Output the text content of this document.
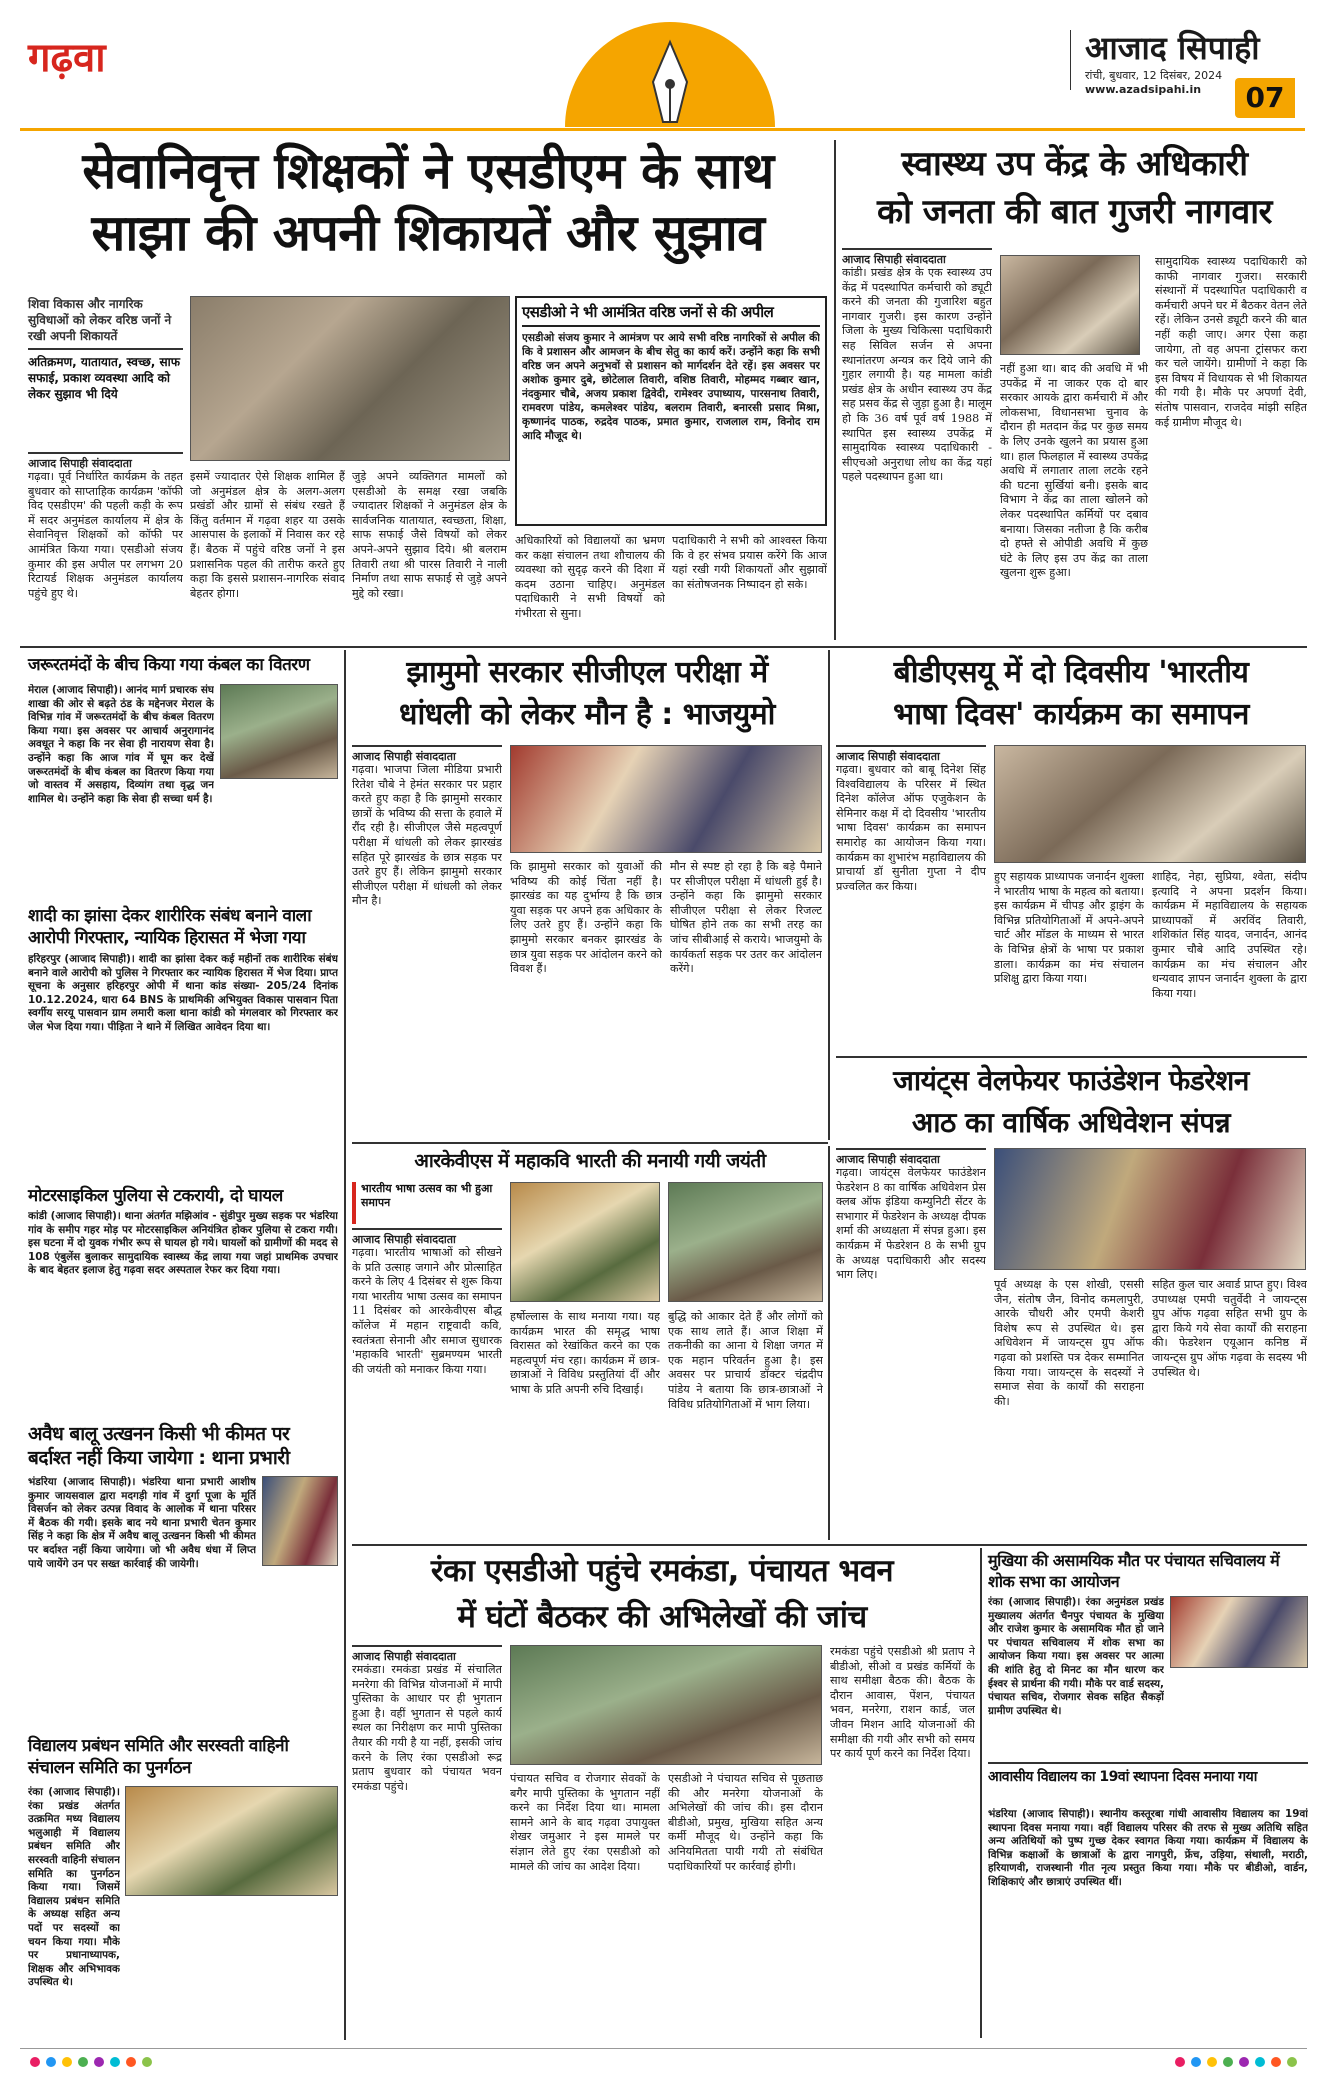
गढ़वा	आजाद सिपाही
रांची, बुधवार, 12 दिसंबर, 2024
www.azadsipahi.in	07
सेवानिवृत्त शिक्षकों ने एसडीएम के साथ
साझा की अपनी शिकायतें और सुझाव
शिवा विकास और नागरिक सुविधाओं को लेकर वरिष्ठ जनों ने रखी अपनी शिकायतें
अतिक्रमण, यातायात, स्वच्छ, साफ सफाई, प्रकाश व्यवस्था आदि को लेकर सुझाव भी दिये
एसडीओ ने भी आमंत्रित वरिष्ठ जनों से की अपील
एसडीओ संजय कुमार ने आमंत्रण पर आये सभी वरिष्ठ नागरिकों से अपील की कि वे प्रशासन और आमजन के बीच सेतु का कार्य करें। उन्होंने कहा कि सभी वरिष्ठ जन अपने अनुभवों से प्रशासन को मार्गदर्शन देते रहें। इस अवसर पर अशोक कुमार दुबे, छोटेलाल तिवारी, वशिष्ठ तिवारी, मोहम्मद गब्बार खान, नंदकुमार चौबे, अजय प्रकाश द्विवेदी, रामेश्वर उपाध्याय, पारसनाथ तिवारी, रामवरण पांडेय, कमलेश्वर पांडेय, बलराम तिवारी, बनारसी प्रसाद मिश्रा, कृष्णानंद पाठक, रुद्रदेव पाठक, प्रमात कुमार, राजलाल राम, विनोद राम आदि मौजूद थे।
आजाद सिपाही संवाददाता
गढ़वा। पूर्व निर्धारित कार्यक्रम के तहत बुधवार को साप्ताहिक कार्यक्रम 'कॉफी विद एसडीएम' की पहली कड़ी के रूप में सदर अनुमंडल कार्यालय में क्षेत्र के सेवानिवृत्त शिक्षकों को कॉफी पर आमंत्रित किया गया। एसडीओ संजय कुमार की इस अपील पर लगभग 20 रिटायर्ड शिक्षक अनुमंडल कार्यालय पहुंचे हुए थे।
इसमें ज्यादातर ऐसे शिक्षक शामिल हैं जो अनुमंडल क्षेत्र के अलग-अलग प्रखंडों और ग्रामों से संबंध रखते हैं किंतु वर्तमान में गढ़वा शहर या उसके आसपास के इलाकों में निवास कर रहे हैं। बैठक में पहुंचे वरिष्ठ जनों ने इस प्रशासनिक पहल की तारीफ करते हुए कहा कि इससे प्रशासन-नागरिक संवाद बेहतर होगा।
जुड़े अपने व्यक्तिगत मामलों को एसडीओ के समक्ष रखा जबकि ज्यादातर शिक्षकों ने अनुमंडल क्षेत्र के सार्वजनिक यातायात, स्वच्छता, शिक्षा, साफ सफाई जैसे विषयों को लेकर अपने-अपने सुझाव दिये। श्री बलराम तिवारी तथा श्री पारस तिवारी ने नाली निर्माण तथा साफ सफाई से जुड़े अपने मुद्दे को रखा।
अधिकारियों को विद्यालयों का भ्रमण कर कक्षा संचालन तथा शौचालय की व्यवस्था को सुदृढ़ करने की दिशा में कदम उठाना चाहिए। अनुमंडल पदाधिकारी ने सभी विषयों को गंभीरता से सुना।
पदाधिकारी ने सभी को आश्वस्त किया कि वे हर संभव प्रयास करेंगे कि आज यहां रखी गयी शिकायतों और सुझावों का संतोषजनक निष्पादन हो सके।
स्वास्थ्य उप केंद्र के अधिकारी
को जनता की बात गुजरी नागवार
आजाद सिपाही संवाददाता
कांडी। प्रखंड क्षेत्र के एक स्वास्थ्य उप केंद्र में पदस्थापित कर्मचारी को ड्यूटी करने की जनता की गुजारिश बहुत नागवार गुजरी। इस कारण उन्होंने जिला के मुख्य चिकित्सा पदाधिकारी सह सिविल सर्जन से अपना स्थानांतरण अन्यत्र कर दिये जाने की गुहार लगायी है। यह मामला कांडी प्रखंड क्षेत्र के अधीन स्वास्थ्य उप केंद्र सह प्रसव केंद्र से जुड़ा हुआ है। मालूम हो कि 36 वर्ष पूर्व वर्ष 1988 में स्थापित इस स्वास्थ्य उपकेंद्र में सामुदायिक स्वास्थ्य पदाधिकारी - सीएचओ अनुराधा लोध का केंद्र यहां पहले पदस्थापन हुआ था।
नहीं हुआ था। बाद की अवधि में भी उपकेंद्र में ना जाकर एक दो बार सरकार आयके द्वारा कर्मचारी में और लोकसभा, विधानसभा चुनाव के दौरान ही मतदान केंद्र पर कुछ समय के लिए उनके खुलने का प्रयास हुआ था। हाल फिलहाल में स्वास्थ्य उपकेंद्र अवधि में लगातार ताला लटके रहने की घटना सुर्खियां बनी। इसके बाद विभाग ने केंद्र का ताला खोलने को लेकर पदस्थापित कर्मियों पर दबाव बनाया। जिसका नतीजा है कि करीब दो हफ्ते से ओपीडी अवधि में कुछ घंटे के लिए इस उप केंद्र का ताला खुलना शुरू हुआ।
सामुदायिक स्वास्थ्य पदाधिकारी को काफी नागवार गुजरा। सरकारी संस्थानों में पदस्थापित पदाधिकारी व कर्मचारी अपने घर में बैठकर वेतन लेते रहें। लेकिन उनसे ड्यूटी करने की बात नहीं कही जाए। अगर ऐसा कहा जायेगा, तो वह अपना ट्रांसफर करा कर चले जायेंगे। ग्रामीणों ने कहा कि इस विषय में विधायक से भी शिकायत की गयी है। मौके पर अपर्णा देवी, संतोष पासवान, राजदेव मांझी सहित कई ग्रामीण मौजूद थे।
जरूरतमंदों के बीच किया गया कंबल का वितरण
मेराल (आजाद सिपाही)। आनंद मार्ग प्रचारक संघ शाखा की ओर से बढ़ते ठंड के मद्देनजर मेराल के विभिन्न गांव में जरूरतमंदों के बीच कंबल वितरण किया गया। इस अवसर पर आचार्य अनुरागानंद अवधूत ने कहा कि नर सेवा ही नारायण सेवा है। उन्होंने कहा कि आज गांव में घूम कर देखें जरूरतमंदों के बीच कंबल का वितरण किया गया जो वास्तव में असहाय, दिव्यांग तथा वृद्ध जन शामिल थे। उन्होंने कहा कि सेवा ही सच्चा धर्म है।
शादी का झांसा देकर शारीरिक संबंध बनाने वाला आरोपी गिरफ्तार, न्यायिक हिरासत में भेजा गया
हरिहरपुर (आजाद सिपाही)। शादी का झांसा देकर कई महीनों तक शारीरिक संबंध बनाने वाले आरोपी को पुलिस ने गिरफ्तार कर न्यायिक हिरासत में भेज दिया। प्राप्त सूचना के अनुसार हरिहरपुर ओपी में थाना कांड संख्या- 205/24 दिनांक 10.12.2024, धारा 64 BNS के प्राथमिकी अभियुक्त विकास पासवान पिता स्वर्गीय सरयू पासवान ग्राम लमारी कला थाना कांडी को मंगलवार को गिरफ्तार कर जेल भेज दिया गया। पीड़िता ने थाने में लिखित आवेदन दिया था।
मोटरसाइकिल पुलिया से टकरायी, दो घायल
कांडी (आजाद सिपाही)। थाना अंतर्गत मझिआंव - सुंडीपुर मुख्य सड़क पर भंडरिया गांव के समीप गहर मोड़ पर मोटरसाइकिल अनियंत्रित होकर पुलिया से टकरा गयी। इस घटना में दो युवक गंभीर रूप से घायल हो गये। घायलों को ग्रामीणों की मदद से 108 एंबुलेंस बुलाकर सामुदायिक स्वास्थ्य केंद्र लाया गया जहां प्राथमिक उपचार के बाद बेहतर इलाज हेतु गढ़वा सदर अस्पताल रेफर कर दिया गया।
अवैध बालू उत्खनन किसी भी कीमत पर बर्दाश्त नहीं किया जायेगा : थाना प्रभारी
भंडरिया (आजाद सिपाही)। भंडरिया थाना प्रभारी आशीष कुमार जायसवाल द्वारा मदगड़ी गांव में दुर्गा पूजा के मूर्ति विसर्जन को लेकर उत्पन्न विवाद के आलोक में थाना परिसर में बैठक की गयी। इसके बाद नये थाना प्रभारी चेतन कुमार सिंह ने कहा कि क्षेत्र में अवैध बालू उत्खनन किसी भी कीमत पर बर्दाश्त नहीं किया जायेगा। जो भी अवैध धंधा में लिप्त पाये जायेंगे उन पर सख्त कार्रवाई की जायेगी।
विद्यालय प्रबंधन समिति और सरस्वती वाहिनी संचालन समिति का पुनर्गठन
रंका (आजाद सिपाही)। रंका प्रखंड अंतर्गत उत्क्रमित मध्य विद्यालय भलुआही में विद्यालय प्रबंधन समिति और सरस्वती वाहिनी संचालन समिति का पुनर्गठन किया गया। जिसमें विद्यालय प्रबंधन समिति के अध्यक्ष सहित अन्य पदों पर सदस्यों का चयन किया गया। मौके पर प्रधानाध्यापक, शिक्षक और अभिभावक उपस्थित थे।
झामुमो सरकार सीजीएल परीक्षा में
धांधली को लेकर मौन है : भाजयुमो
आजाद सिपाही संवाददाता
गढ़वा। भाजपा जिला मीडिया प्रभारी रितेश चौबे ने हेमंत सरकार पर प्रहार करते हुए कहा है कि झामुमो सरकार छात्रों के भविष्य की सत्ता के हवाले में रौंद रही है। सीजीएल जैसे महत्वपूर्ण परीक्षा में धांधली को लेकर झारखंड सहित पूरे झारखंड के छात्र सड़क पर उतरे हुए हैं। लेकिन झामुमो सरकार सीजीएल परीक्षा में धांधली को लेकर मौन है।
कि झामुमो सरकार को युवाओं की भविष्य की कोई चिंता नहीं है। झारखंड का यह दुर्भाग्य है कि छात्र युवा सड़क पर अपने हक अधिकार के लिए उतरे हुए हैं। उन्होंने कहा कि झामुमो सरकार बनकर झारखंड के छात्र युवा सड़क पर आंदोलन करने को विवश हैं।
मौन से स्पष्ट हो रहा है कि बड़े पैमाने पर सीजीएल परीक्षा में धांधली हुई है। उन्होंने कहा कि झामुमो सरकार सीजीएल परीक्षा से लेकर रिजल्ट घोषित होने तक का सभी तरह का जांच सीबीआई से कराये। भाजयुमो के कार्यकर्ता सड़क पर उतर कर आंदोलन करेंगे।
बीडीएसयू में दो दिवसीय 'भारतीय
भाषा दिवस' कार्यक्रम का समापन
आजाद सिपाही संवाददाता
गढ़वा। बुधवार को बाबू दिनेश सिंह विश्वविद्यालय के परिसर में स्थित दिनेश कॉलेज ऑफ एजुकेशन के सेमिनार कक्ष में दो दिवसीय 'भारतीय भाषा दिवस' कार्यक्रम का समापन समारोह का आयोजन किया गया। कार्यक्रम का शुभारंभ महाविद्यालय की प्राचार्या डॉ सुनीता गुप्ता ने दीप प्रज्वलित कर किया।
हुए सहायक प्राध्यापक जनार्दन शुक्ला ने भारतीय भाषा के महत्व को बताया। इस कार्यक्रम में चीपड़ और ड्राइंग के विभिन्न प्रतियोगिताओं में अपने-अपने चार्ट और मॉडल के माध्यम से भारत के विभिन्न क्षेत्रों के भाषा पर प्रकाश डाला। कार्यक्रम का मंच संचालन प्रशिक्षु द्वारा किया गया।
शाहिद, नेहा, सुप्रिया, श्वेता, संदीप इत्यादि ने अपना प्रदर्शन किया। कार्यक्रम में महाविद्यालय के सहायक प्राध्यापकों में अरविंद तिवारी, शशिकांत सिंह यादव, जनार्दन, आनंद कुमार चौबे आदि उपस्थित रहे। कार्यक्रम का मंच संचालन और धन्यवाद ज्ञापन जनार्दन शुक्ला के द्वारा किया गया।
जायंट्स वेलफेयर फाउंडेशन फेडरेशन
आठ का वार्षिक अधिवेशन संपन्न
आजाद सिपाही संवाददाता
गढ़वा। जायंट्स वेलफेयर फाउंडेशन फेडरेशन 8 का वार्षिक अधिवेशन प्रेस क्लब ऑफ इंडिया कम्युनिटी सेंटर के सभागार में फेडरेशन के अध्यक्ष दीपक शर्मा की अध्यक्षता में संपन्न हुआ। इस कार्यक्रम में फेडरेशन 8 के सभी ग्रुप के अध्यक्ष पदाधिकारी और सदस्य भाग लिए।
पूर्व अध्यक्ष के एस शोखी, एससी जैन, संतोष जैन, विनोद कमलापुरी, आरके चौधरी और एमपी केशरी विशेष रूप से उपस्थित थे। इस अधिवेशन में जायन्ट्स ग्रुप ऑफ गढ़वा को प्रशस्ति पत्र देकर सम्मानित किया गया। जायन्ट्स के सदस्यों ने समाज सेवा के कार्यों की सराहना की।
सहित कुल चार अवार्ड प्राप्त हुए। विश्व उपाध्यक्ष एमपी चतुर्वेदी ने जायन्ट्स ग्रुप ऑफ गढ़वा सहित सभी ग्रुप के द्वारा किये गये सेवा कार्यों की सराहना की। फेडरेशन एयूआन कनिष्ठ में जायन्ट्स ग्रुप ऑफ गढ़वा के सदस्य भी उपस्थित थे।
आरकेवीएस में महाकवि भारती की मनायी गयी जयंती
भारतीय भाषा उत्सव का भी हुआ समापन
आजाद सिपाही संवाददाता
गढ़वा। भारतीय भाषाओं को सीखने के प्रति उत्साह जगाने और प्रोत्साहित करने के लिए 4 दिसंबर से शुरू किया गया भारतीय भाषा उत्सव का समापन 11 दिसंबर को आरकेवीएस बौद्ध कॉलेज में महान राष्ट्रवादी कवि, स्वतंत्रता सेनानी और समाज सुधारक 'महाकवि भारती' सुब्रमण्यम भारती की जयंती को मनाकर किया गया।
हर्षोल्लास के साथ मनाया गया। यह कार्यक्रम भारत की समृद्ध भाषा विरासत को रेखांकित करने का एक महत्वपूर्ण मंच रहा। कार्यक्रम में छात्र-छात्राओं ने विविध प्रस्तुतियां दीं और भाषा के प्रति अपनी रुचि दिखाई।
बुद्धि को आकार देते हैं और लोगों को एक साथ लाते हैं। आज शिक्षा में तकनीकी का आना ये शिक्षा जगत में एक महान परिवर्तन हुआ है। इस अवसर पर प्राचार्य डॉक्टर चंद्रदीप पांडेय ने बताया कि छात्र-छात्राओं ने विविध प्रतियोगिताओं में भाग लिया।
रंका एसडीओ पहुंचे रमकंडा, पंचायत भवन
में घंटों बैठकर की अभिलेखों की जांच
आजाद सिपाही संवाददाता
रमकंडा। रमकंडा प्रखंड में संचालित मनरेगा की विभिन्न योजनाओं में मापी पुस्तिका के आधार पर ही भुगतान हुआ है। वहीं भुगतान से पहले कार्य स्थल का निरीक्षण कर मापी पुस्तिका तैयार की गयी है या नहीं, इसकी जांच करने के लिए रंका एसडीओ रूद्र प्रताप बुधवार को पंचायत भवन रमकंडा पहुंचे।
पंचायत सचिव व रोजगार सेवकों के बगैर मापी पुस्तिका के भुगतान नहीं करने का निर्देश दिया था। मामला सामने आने के बाद गढ़वा उपायुक्त शेखर जमुआर ने इस मामले पर संज्ञान लेते हुए रंका एसडीओ को मामले की जांच का आदेश दिया।
एसडीओ ने पंचायत सचिव से पूछताछ की और मनरेगा योजनाओं के अभिलेखों की जांच की। इस दौरान बीडीओ, प्रमुख, मुखिया सहित अन्य कर्मी मौजूद थे। उन्होंने कहा कि अनियमितता पायी गयी तो संबंधित पदाधिकारियों पर कार्रवाई होगी।
रमकंडा पहुंचे एसडीओ श्री प्रताप ने बीडीओ, सीओ व प्रखंड कर्मियों के साथ समीक्षा बैठक की। बैठक के दौरान आवास, पेंशन, पंचायत भवन, मनरेगा, राशन कार्ड, जल जीवन मिशन आदि योजनाओं की समीक्षा की गयी और सभी को समय पर कार्य पूर्ण करने का निर्देश दिया।
मुखिया की असामयिक मौत पर पंचायत सचिवालय में शोक सभा का आयोजन
रंका (आजाद सिपाही)। रंका अनुमंडल प्रखंड मुख्यालय अंतर्गत चैनपुर पंचायत के मुखिया और राजेश कुमार के असामयिक मौत हो जाने पर पंचायत सचिवालय में शोक सभा का आयोजन किया गया। इस अवसर पर आत्मा की शांति हेतु दो मिनट का मौन धारण कर ईश्वर से प्रार्थना की गयी। मौके पर वार्ड सदस्य, पंचायत सचिव, रोजगार सेवक सहित सैकड़ों ग्रामीण उपस्थित थे।
आवासीय विद्यालय का 19वां स्थापना दिवस मनाया गया
भंडरिया (आजाद सिपाही)। स्थानीय कस्तूरबा गांधी आवासीय विद्यालय का 19वां स्थापना दिवस मनाया गया। वहीं विद्यालय परिसर की तरफ से मुख्य अतिथि सहित अन्य अतिथियों को पुष्प गुच्छ देकर स्वागत किया गया। कार्यक्रम में विद्यालय के विभिन्न कक्षाओं के छात्राओं के द्वारा नागपुरी, फ्रेंच, उड़िया, संथाली, मराठी, हरियाणवी, राजस्थानी गीत नृत्य प्रस्तुत किया गया। मौके पर बीडीओ, वार्डन, शिक्षिकाएं और छात्राएं उपस्थित थीं।
